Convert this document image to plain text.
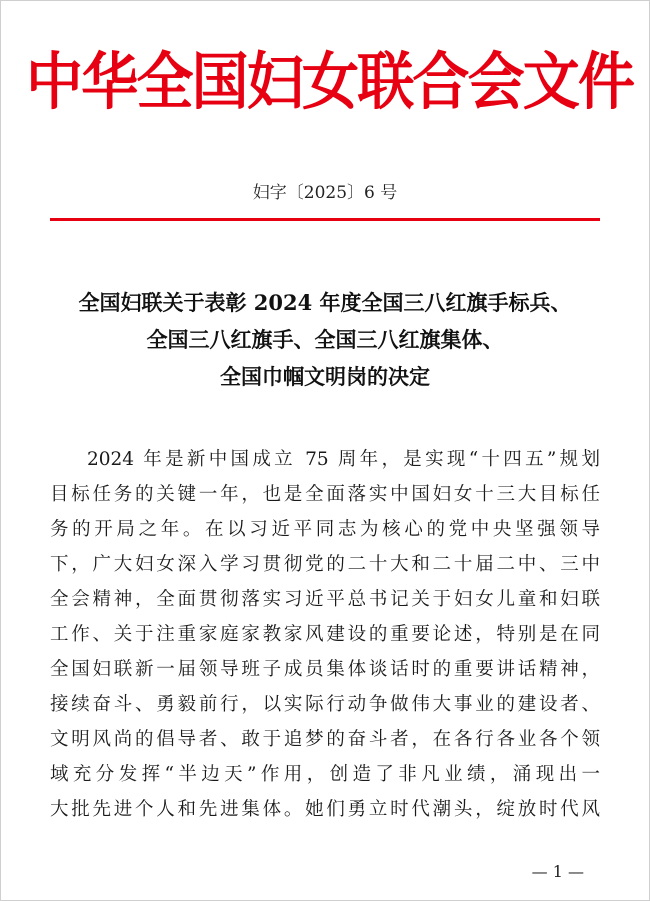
中华全国妇女联合会文件
妇字〔2025〕6 号
全国妇联关于表彰 2024 年度全国三八红旗手标兵、
全国三八红旗手、全国三八红旗集体、
全国巾帼文明岗的决定
2024 年是新中国成立 75 周年，是实现“十四五”规划
目标任务的关键一年，也是全面落实中国妇女十三大目标任
务的开局之年。在以习近平同志为核心的党中央坚强领导
下，广大妇女深入学习贯彻党的二十大和二十届二中、三中
全会精神，全面贯彻落实习近平总书记关于妇女儿童和妇联
工作、关于注重家庭家教家风建设的重要论述，特别是在同
全国妇联新一届领导班子成员集体谈话时的重要讲话精神，
接续奋斗、勇毅前行，以实际行动争做伟大事业的建设者、
文明风尚的倡导者、敢于追梦的奋斗者，在各行各业各个领
域充分发挥“半边天”作用，创造了非凡业绩，涌现出一
大批先进个人和先进集体。她们勇立时代潮头，绽放时代风
— 1 —
